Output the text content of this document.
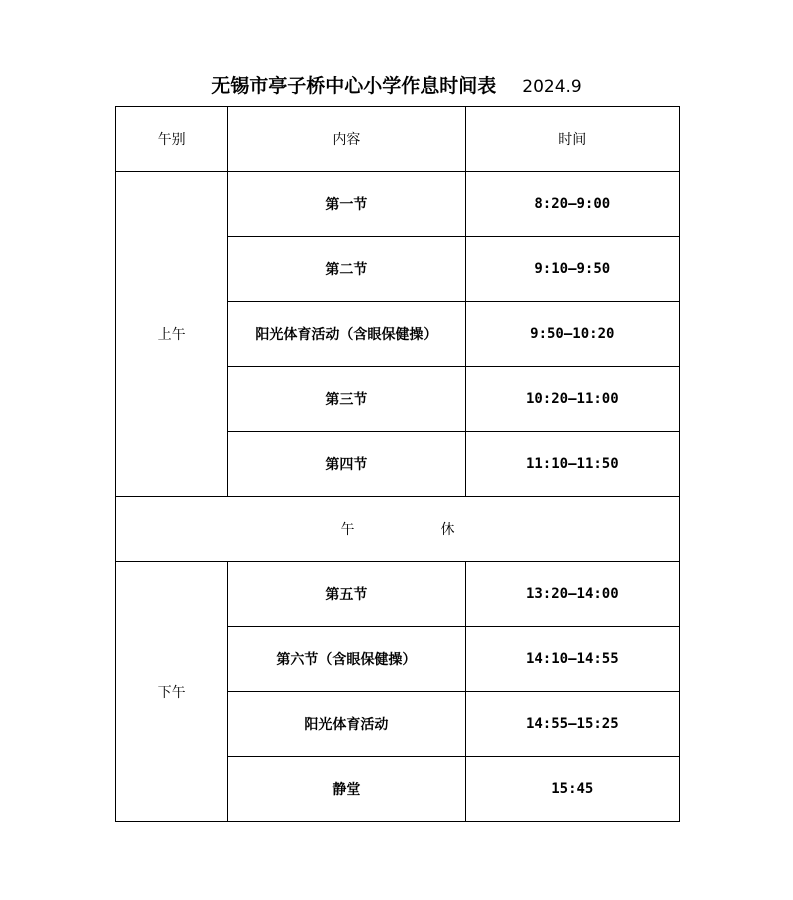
无锡市亭子桥中心小学作息时间表 2024.9
午别	内容	时间
上午	第一节	8:20—9:00
	第二节	9:10—9:50
	阳光体育活动（含眼保健操）	9:50—10:20
	第三节	10:20—11:00
	第四节	11:10—11:50
午 休		
下午	第五节	13:20—14:00
	第六节（含眼保健操）	14:10—14:55
	阳光体育活动	14:55—15:25
	静堂	15:45
